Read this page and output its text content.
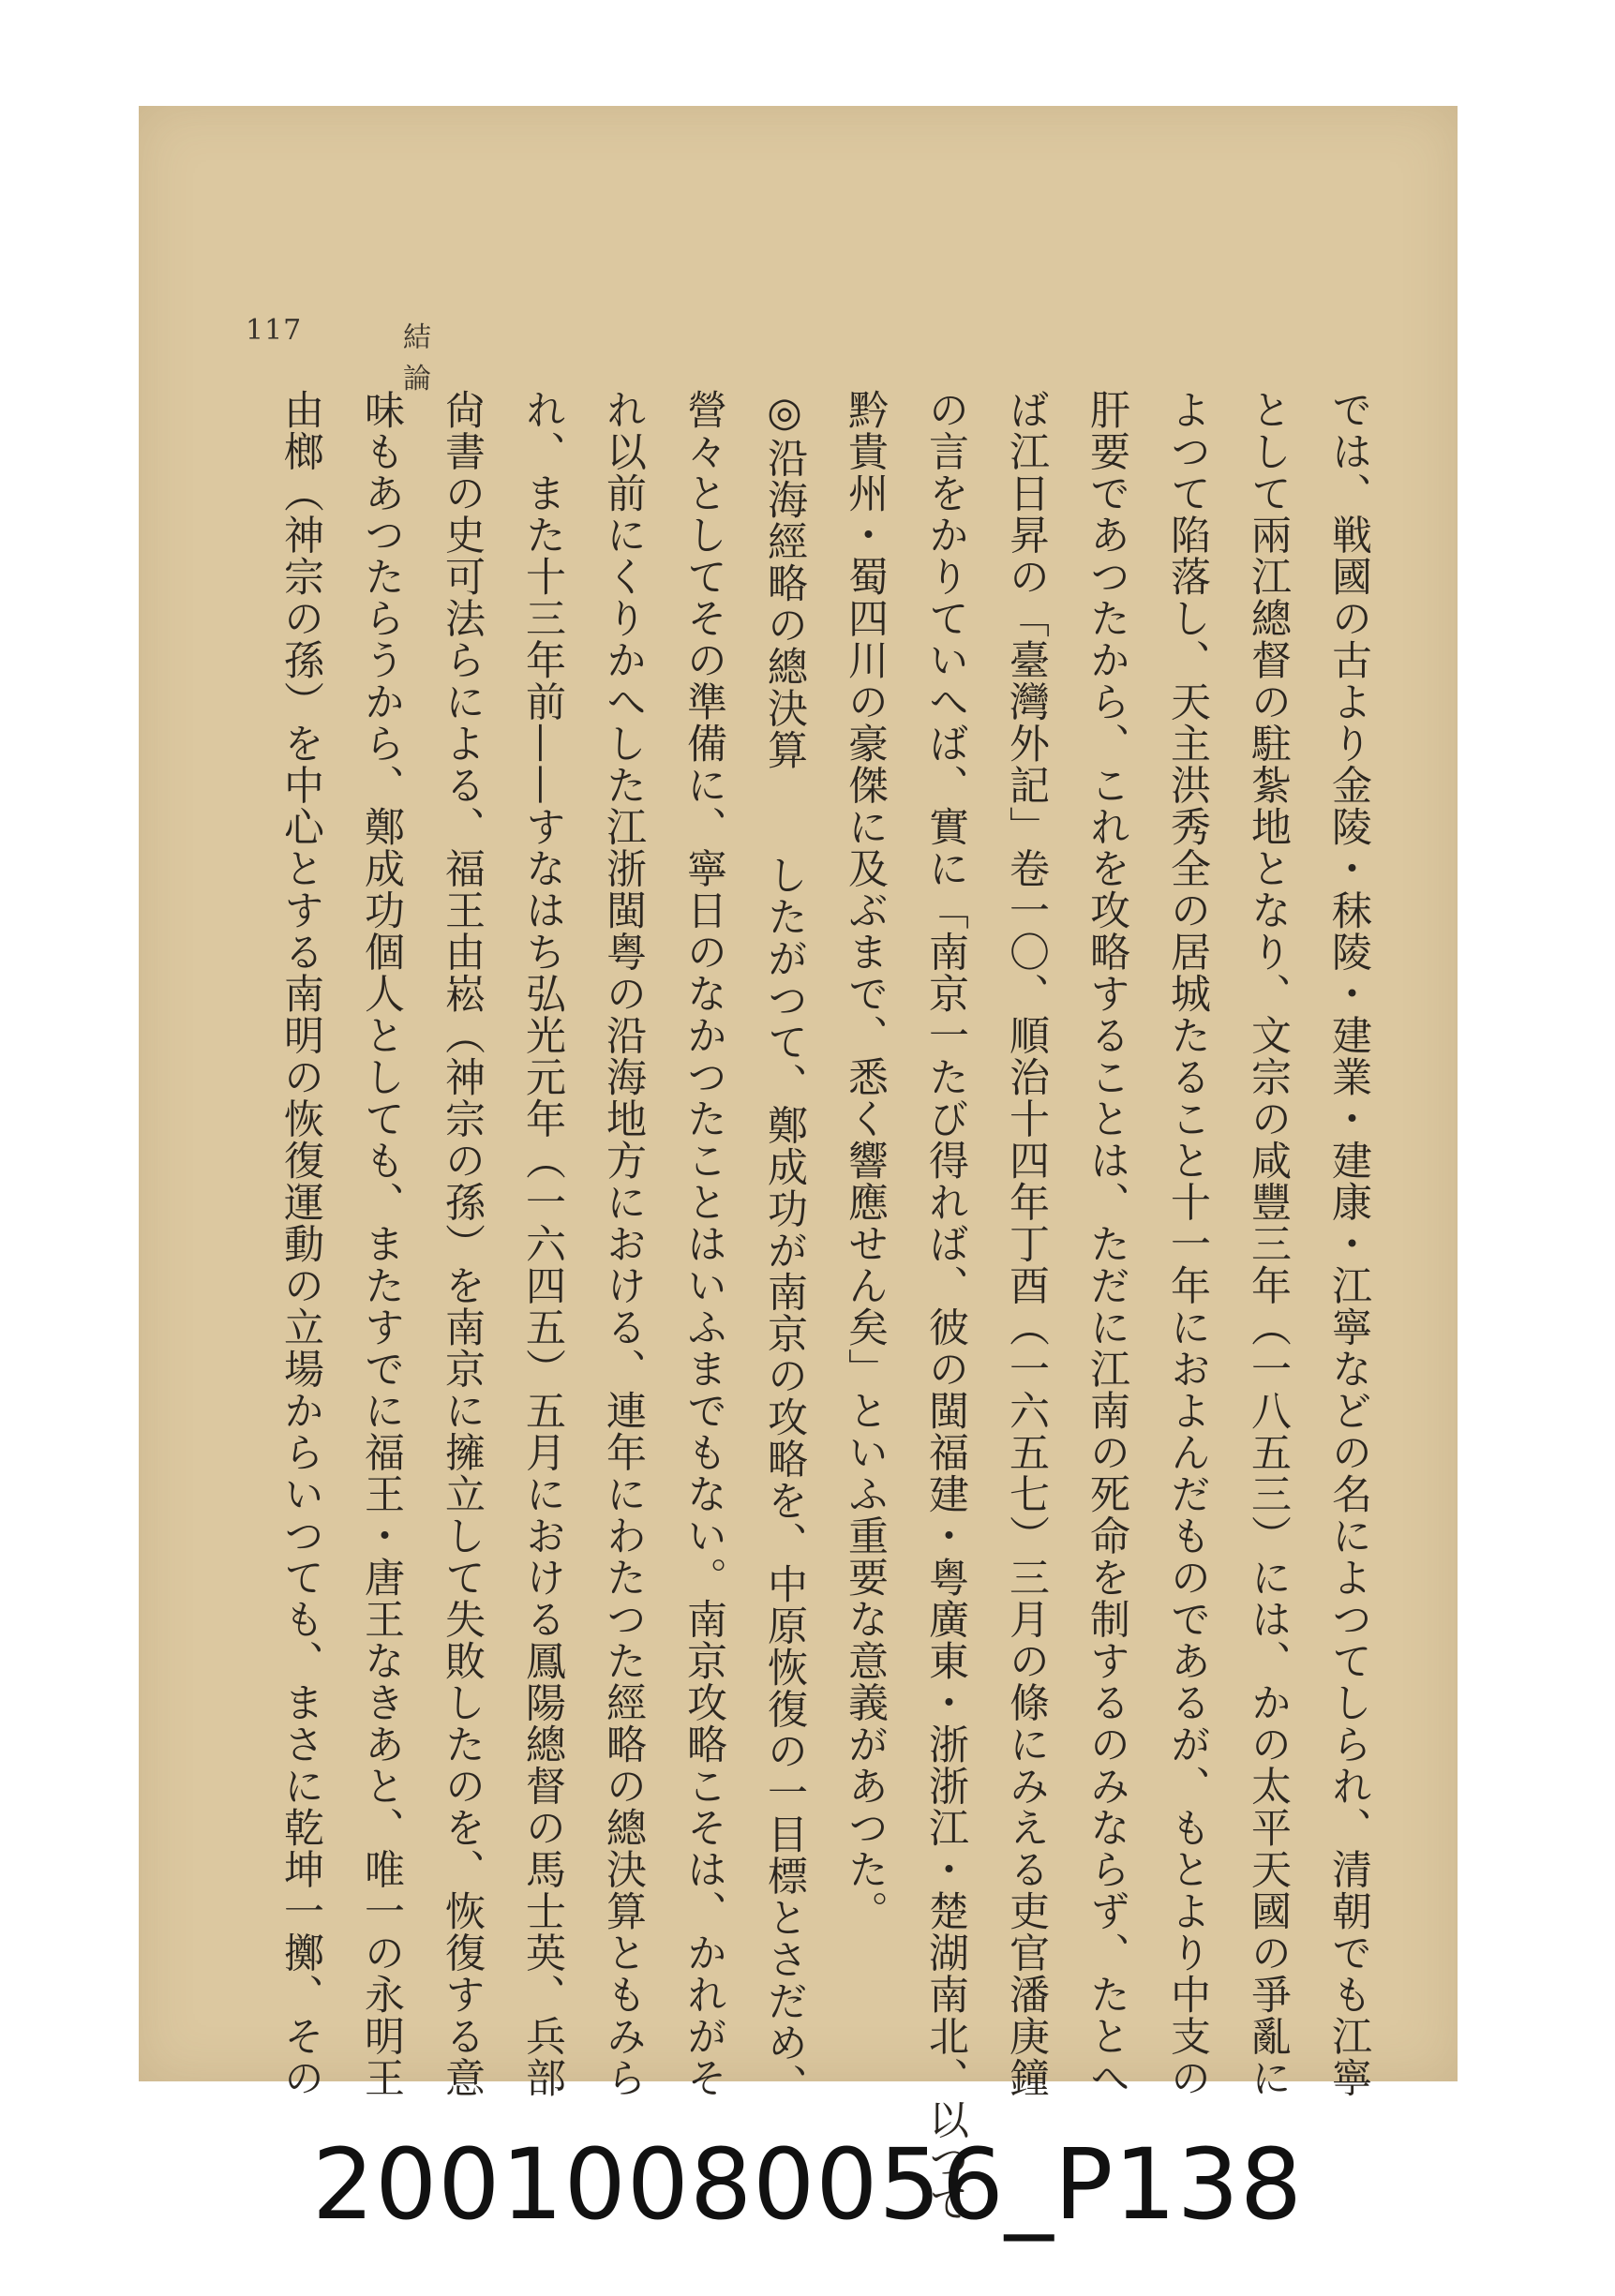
117	結論
では、戦國の古より金陵・秣陵・建業・建康・江寧などの名によつてしられ、清朝でも江寧
として兩江總督の駐紮地となり、文宗の咸豐三年（一八五三）には、かの太平天國の爭亂に
よつて陷落し、天主洪秀全の居城たること十一年におよんだものであるが、もとより中支の
肝要であつたから、これを攻略することは、ただに江南の死命を制するのみならず、たとへ
ば江日昇の「臺灣外記」卷一〇、順治十四年丁酉（一六五七）三月の條にみえる吏官潘庚鐘
の言をかりていへば、實に「南京一たび得れば、彼の閩福建・粤廣東・浙浙江・楚湖南北、以つて
黔貴州・蜀四川の豪傑に及ぶまで、悉く響應せん矣」といふ重要な意義があつた。
◎沿海經略の總決算　　したがつて、鄭成功が南京の攻略を、中原恢復の一目標とさだめ、
營々としてその準備に、寧日のなかつたことはいふまでもない。南京攻略こそは、かれがそ
れ以前にくりかへした江浙閩粤の沿海地方における、連年にわたつた經略の總決算ともみら
れ、また十三年前——すなはち弘光元年（一六四五）五月における鳳陽總督の馬士英、兵部
尙書の史可法らによる、福王由崧（神宗の孫）を南京に擁立して失敗したのを、恢復する意
味もあつたらうから、鄭成功個人としても、またすでに福王・唐王なきあと、唯一の永明王
由榔（神宗の孫）を中心とする南明の恢復運動の立場からいつても、まさに乾坤一擲、その
20010080056_P138
